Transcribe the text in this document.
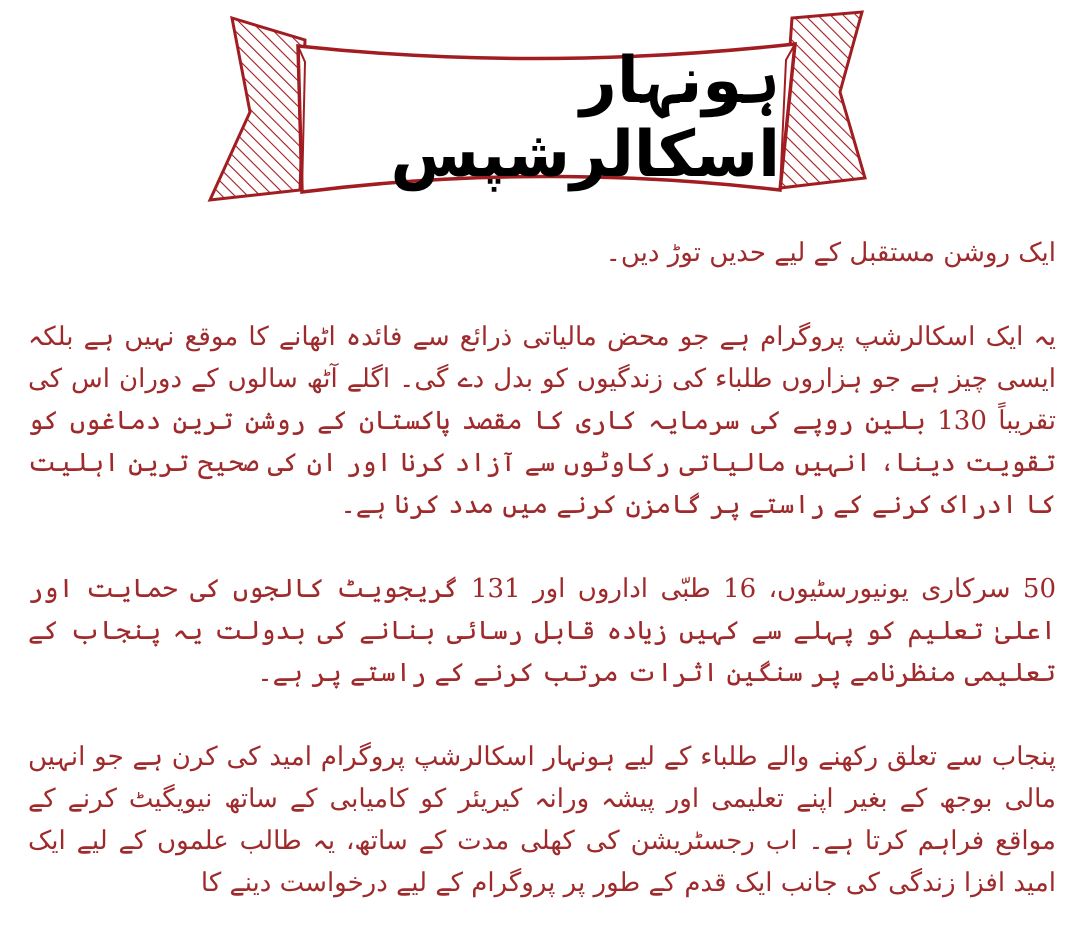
ہونہار اسکالرشپس

ایک روشن مستقبل کے لیے حدیں توڑ دیں۔

یہ ایک اسکالرشپ پروگرام ہے جو محض مالیاتی ذرائع سے فائدہ اٹھانے کا موقع نہیں ہے بلکہ ایسی چیز ہے جو ہزاروں طلباء کی زندگیوں کو بدل دے گی۔ اگلے آٹھ سالوں کے دوران اس کی تقریباً 130 بلین روپے کی سرمایہ کاری کا مقصد پاکستان کے روشن ترین دماغوں کو تقویت دینا، انہیں مالیاتی رکاوٹوں سے آزاد کرنا اور ان کی صحیح ترین اہلیت کا ادراک کرنے کے راستے پر گامزن کرنے میں مدد کرنا ہے۔

50 سرکاری یونیورسٹیوں، 16 طبّی اداروں اور 131 گریجویٹ کالجوں کی حمایت اور اعلیٰ تعلیم کو پہلے سے کہیں زیادہ قابل رسائی بنانے کی بدولت یہ پنجاب کے تعلیمی منظرنامے پر سنگین اثرات مرتب کرنے کے راستے پر ہے۔

پنجاب سے تعلق رکھنے والے طلباء کے لیے ہونہار اسکالرشپ پروگرام امید کی کرن ہے جو انہیں مالی بوجھ کے بغیر اپنے تعلیمی اور پیشہ ورانہ کیریئر کو کامیابی کے ساتھ نیویگیٹ کرنے کے مواقع فراہم کرتا ہے۔ اب رجسٹریشن کی کھلی مدت کے ساتھ، یہ طالب علموں کے لیے ایک امید افزا زندگی کی جانب ایک قدم کے طور پر پروگرام کے لیے درخواست دینے کا
